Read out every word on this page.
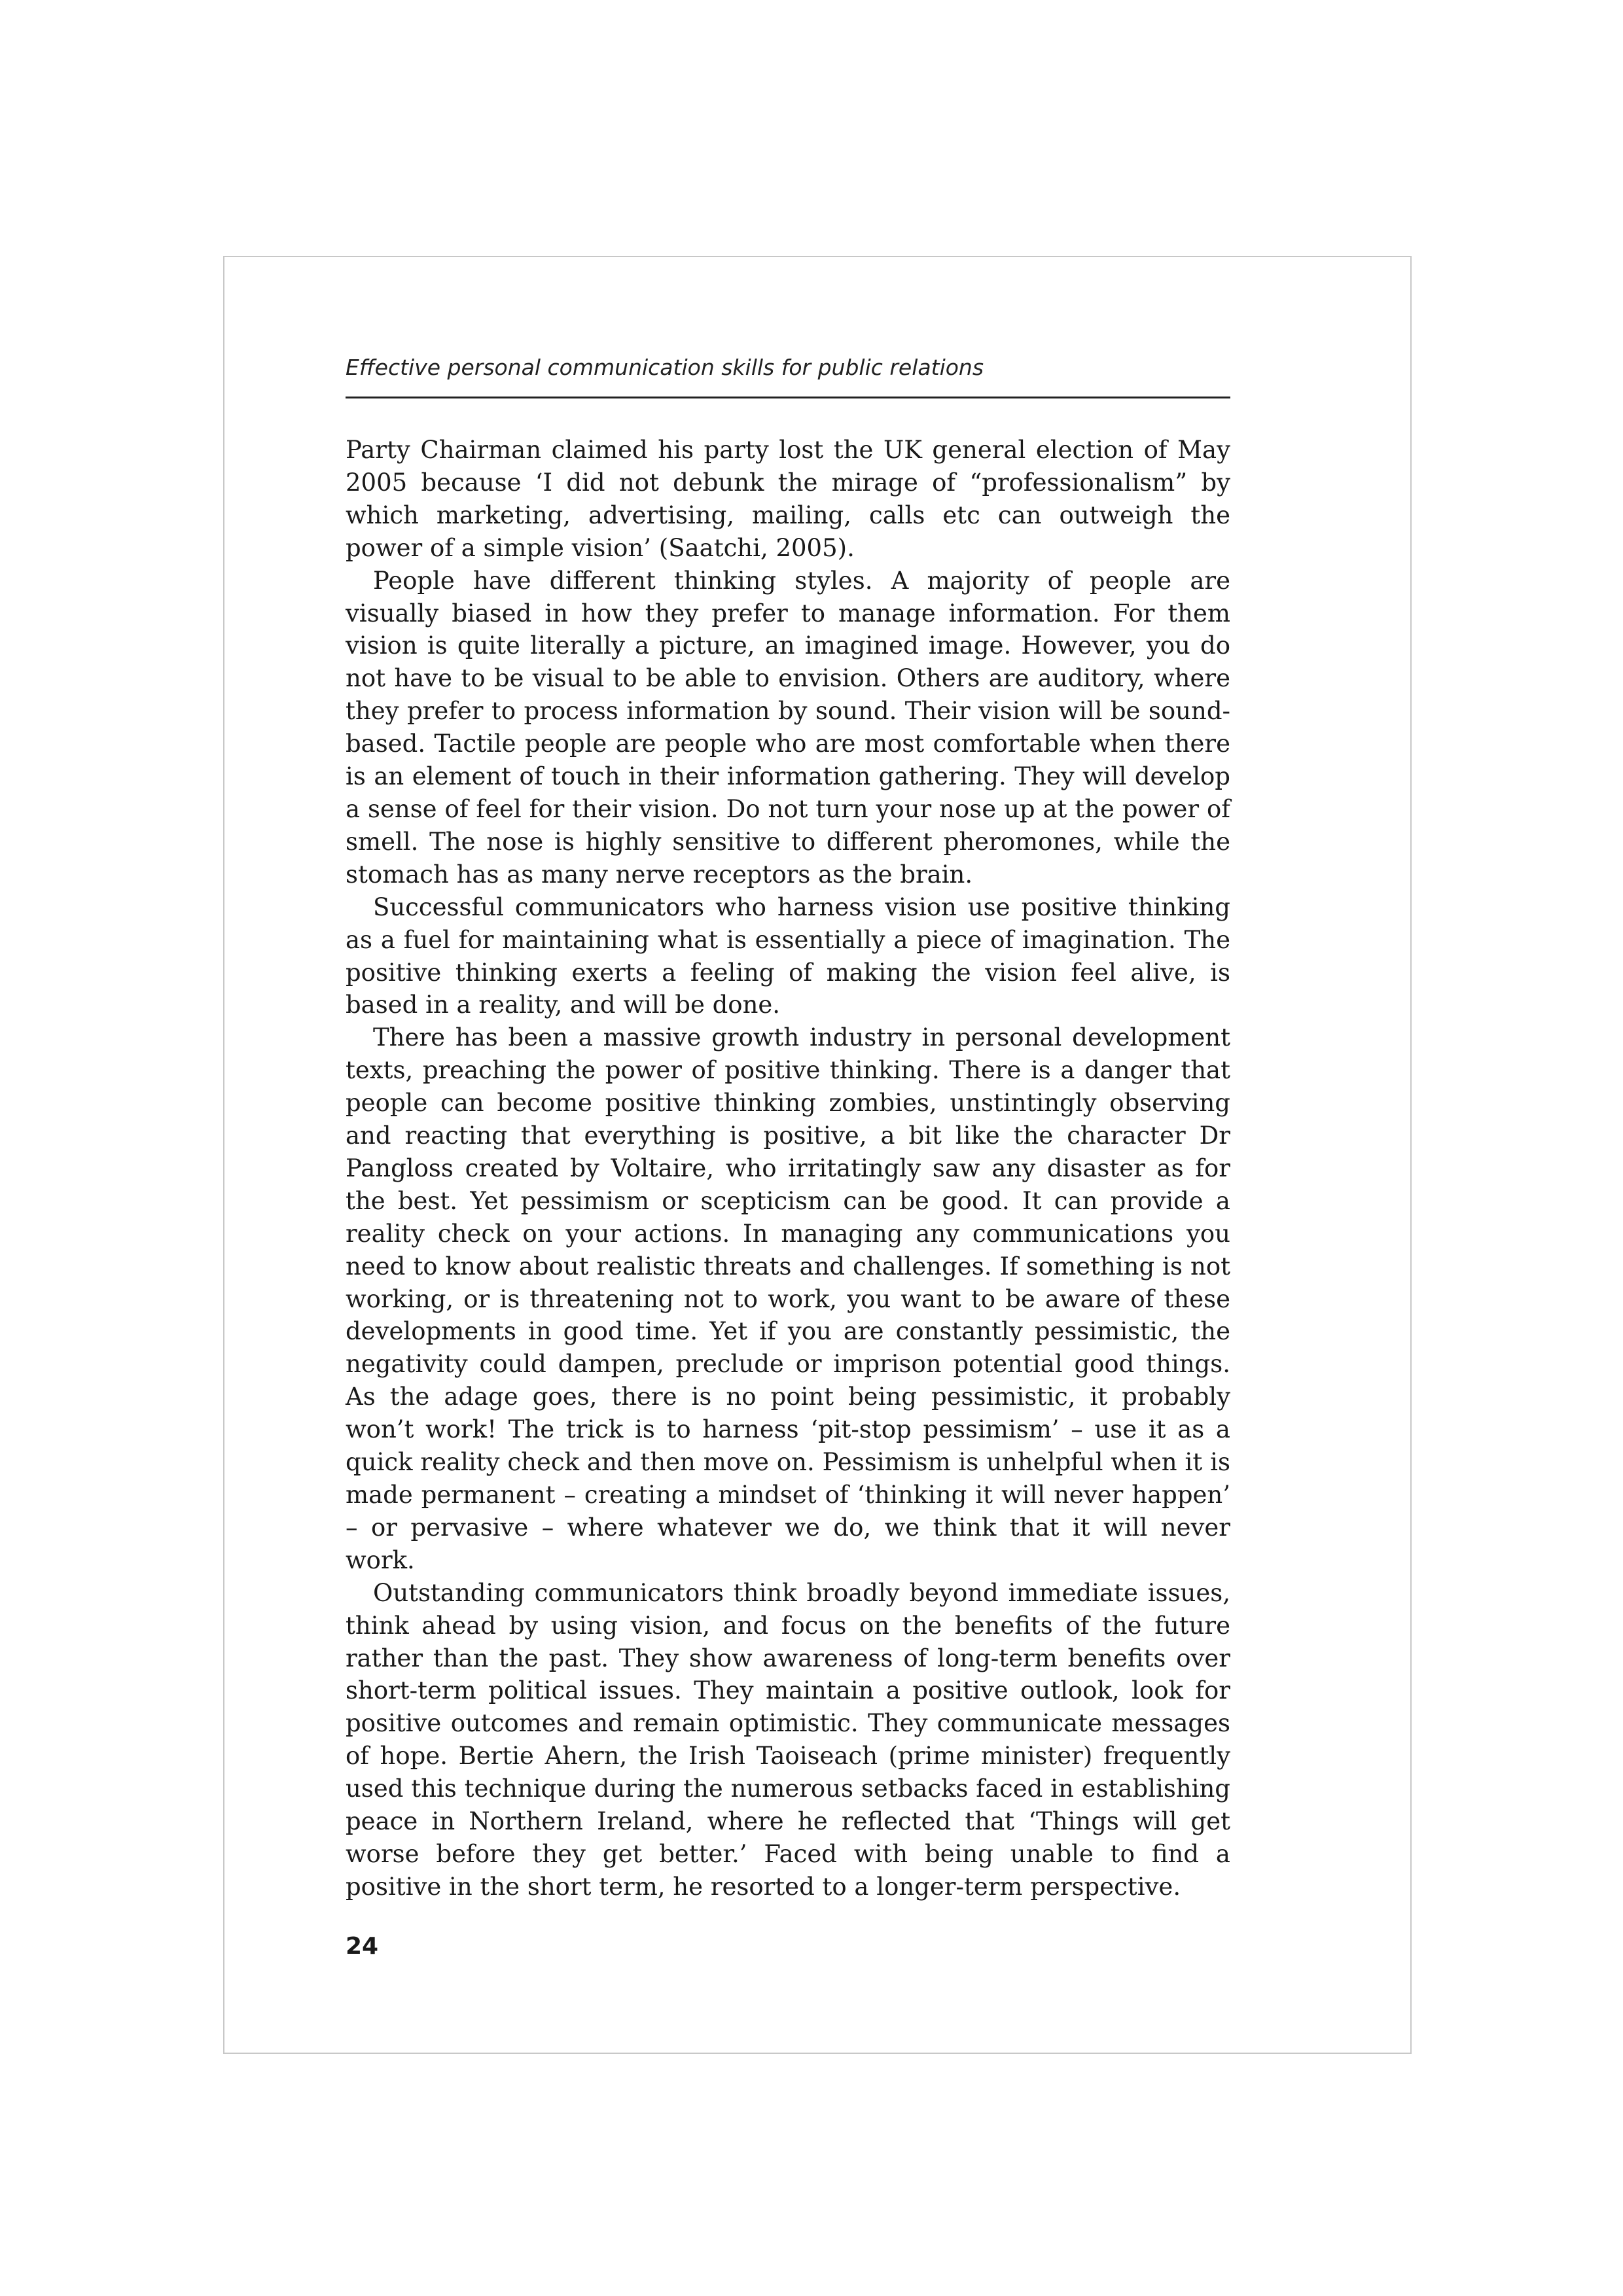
Effective personal communication skills for public relations

Party Chairman claimed his party lost the UK general election of May 2005 because ‘I did not debunk the mirage of “professionalism” by which marketing, advertising, mailing, calls etc can outweigh the power of a simple vision’ (Saatchi, 2005).

People have different thinking styles. A majority of people are visually biased in how they prefer to manage information. For them vision is quite literally a picture, an imagined image. However, you do not have to be visual to be able to envision. Others are auditory, where they prefer to process information by sound. Their vision will be sound-based. Tactile people are people who are most comfortable when there is an element of touch in their information gathering. They will develop a sense of feel for their vision. Do not turn your nose up at the power of smell. The nose is highly sensitive to different pheromones, while the stomach has as many nerve receptors as the brain.

Successful communicators who harness vision use positive thinking as a fuel for maintaining what is essentially a piece of imagination. The positive thinking exerts a feeling of making the vision feel alive, is based in a reality, and will be done.

There has been a massive growth industry in personal development texts, preaching the power of positive thinking. There is a danger that people can become positive thinking zombies, unstintingly observing and reacting that everything is positive, a bit like the character Dr Pangloss created by Voltaire, who irritatingly saw any disaster as for the best. Yet pessimism or scepticism can be good. It can provide a reality check on your actions. In managing any communications you need to know about realistic threats and challenges. If something is not working, or is threatening not to work, you want to be aware of these developments in good time. Yet if you are constantly pessimistic, the negativity could dampen, preclude or imprison potential good things. As the adage goes, there is no point being pessimistic, it probably won’t work! The trick is to harness ‘pit-stop pessimism’ – use it as a quick reality check and then move on. Pessimism is unhelpful when it is made permanent – creating a mindset of ‘thinking it will never happen’ – or pervasive – where whatever we do, we think that it will never work.

Outstanding communicators think broadly beyond immediate issues, think ahead by using vision, and focus on the benefits of the future rather than the past. They show awareness of long-term benefits over short-term political issues. They maintain a positive outlook, look for positive outcomes and remain optimistic. They communicate messages of hope. Bertie Ahern, the Irish Taoiseach (prime minister) frequently used this technique during the numerous setbacks faced in establishing peace in Northern Ireland, where he reflected that ‘Things will get worse before they get better.’ Faced with being unable to find a positive in the short term, he resorted to a longer-term perspective.

24
